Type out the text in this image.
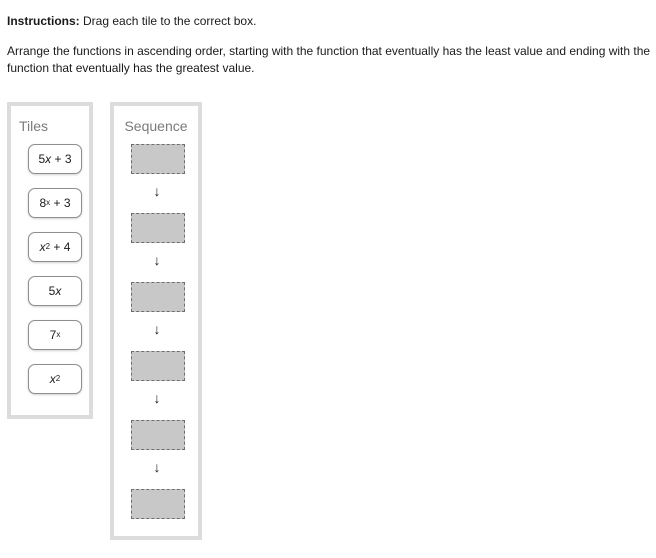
Instructions: Drag each tile to the correct box.
Arrange the functions in ascending order, starting with the function that eventually has the least value and ending with the function that eventually has the greatest value.
Tiles
5 x + 3
$8^x + 3$
$x^2 + 4$
5 x
7$^x$
$x^2$
Sequence
↓
↓
↓
↓
↓
